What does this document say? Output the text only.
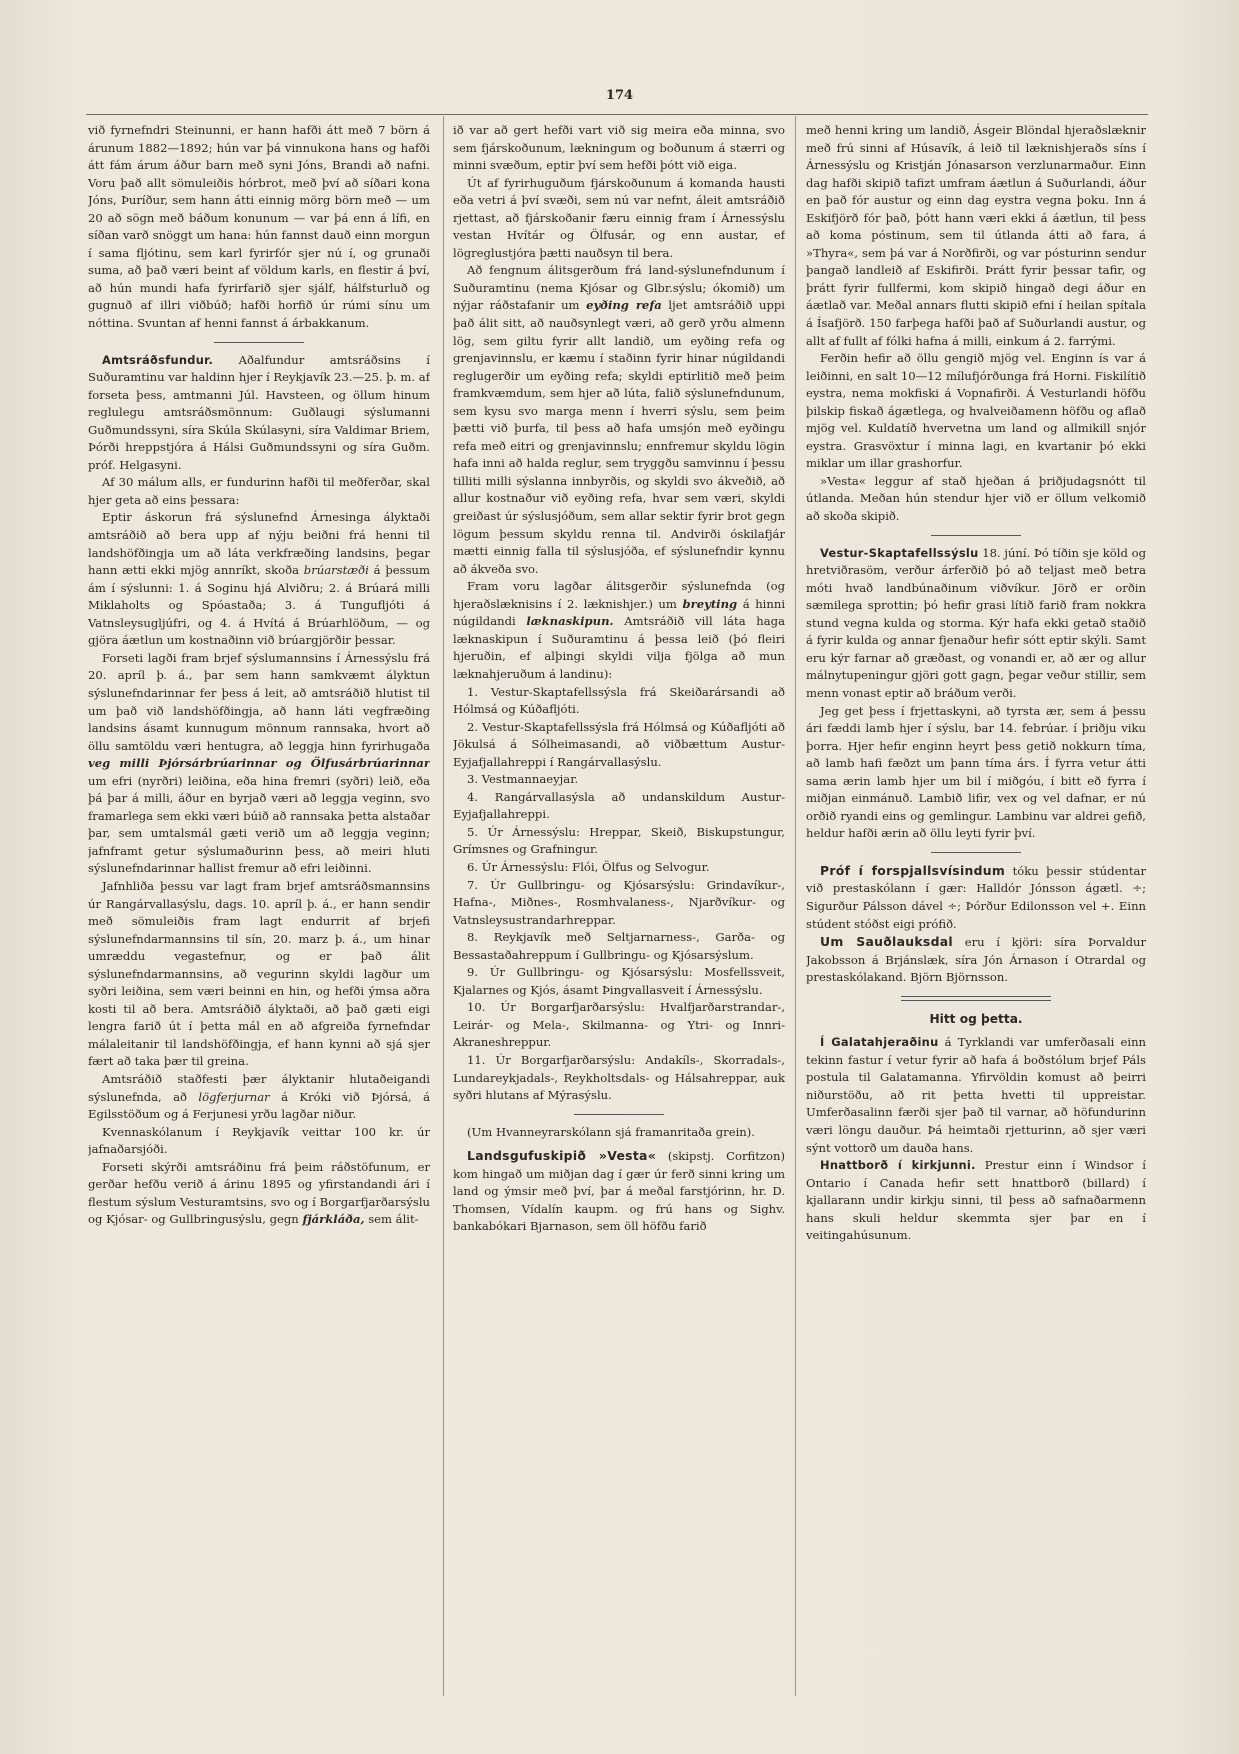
174

við fyrnefndri Steinunni, er hann hafði átt með 7 börn á árunum 1882—1892; hún var þá vinnukona hans og hafði átt fám árum áður barn með syni Jóns, Brandi að nafni. Voru það allt sömuleiðis hórbrot, með því að síðari kona Jóns, Þuríður, sem hann átti einnig mörg börn með — um 20 að sögn með báðum konunum — var þá enn á lífi, en síðan varð snöggt um hana: hún fannst dauð einn morgun í sama fljótinu, sem karl fyrirfór sjer nú í, og grunaði suma, að það væri beint af völdum karls, en flestir á því, að hún mundi hafa fyrirfarið sjer sjálf, hálfsturluð og gugnuð af illri viðbúð; hafði horfið úr rúmi sínu um nóttina. Svuntan af henni fannst á árbakkanum.

Amtsráðsfundur. Aðalfundur amtsráðsins í Suðuramtinu var haldinn hjer í Reykjavík 23.—25. þ. m. af forseta þess, amtmanni Júl. Havsteen, og öllum hinum reglulegu amtsráðsmönnum: Guðlaugi sýslumanni Guðmundssyni, síra Skúla Skúlasyni, síra Valdimar Briem, Þórði hreppstjóra á Hálsi Guðmundssyni og síra Guðm. próf. Helgasyni.

Af 30 málum alls, er fundurinn hafði til meðferðar, skal hjer geta að eins þessara:

Eptir áskorun frá sýslunefnd Árnesinga ályktaði amtsráðið að bera upp af nýju beiðni frá henni til landshöfðingja um að láta verkfræðing landsins, þegar hann ætti ekki mjög annríkt, skoða brúarstæði á þessum ám í sýslunni: 1. á Soginu hjá Alviðru; 2. á Brúará milli Miklaholts og Spóastaða; 3. á Tungufljóti á Vatnsleysugljúfri, og 4. á Hvítá á Brúarhlöðum, — og gjöra áætlun um kostnaðinn við brúargjörðir þessar.

Forseti lagði fram brjef sýslumannsins í Árnessýslu frá 20. apríl þ. á., þar sem hann samkvæmt ályktun sýslunefndarinnar fer þess á leit, að amtsráðið hlutist til um það við landshöfðingja, að hann láti vegfræðing landsins ásamt kunnugum mönnum rannsaka, hvort að öllu samtöldu væri hentugra, að leggja hinn fyrirhugaða veg milli Þjórsárbrúarinnar og Ölfusárbrúarinnar um efri (nyrðri) leiðina, eða hina fremri (syðri) leið, eða þá þar á milli, áður en byrjað væri að leggja veginn, svo framarlega sem ekki væri búið að rannsaka þetta alstaðar þar, sem umtalsmál gæti verið um að leggja veginn; jafnframt getur sýslumaðurinn þess, að meiri hluti sýslunefndarinnar hallist fremur að efri leiðinni.

Jafnhliða þessu var lagt fram brjef amtsráðsmannsins úr Rangárvallasýslu, dags. 10. apríl þ. á., er hann sendir með sömuleiðis fram lagt endurrit af brjefi sýslunefndarmannsins til sín, 20. marz þ. á., um hinar umræddu vegastefnur, og er það álit sýslunefndarmannsins, að vegurinn skyldi lagður um syðri leiðina, sem væri beinni en hin, og hefði ýmsa aðra kosti til að bera. Amtsráðið ályktaði, að það gæti eigi lengra farið út í þetta mál en að afgreiða fyrnefndar málaleitanir til landshöfðingja, ef hann kynni að sjá sjer fært að taka þær til greina.

Amtsráðið staðfesti þær ályktanir hlutaðeigandi sýslunefnda, að lögferjurnar á Króki við Þjórsá, á Egilsstöðum og á Ferjunesi yrðu lagðar niður.

Kvennaskólanum í Reykjavík veittar 100 kr. úr jafnaðarsjóði.

Forseti skýrði amtsráðinu frá þeim ráðstöfunum, er gerðar hefðu verið á árinu 1895 og yfirstandandi ári í flestum sýslum Vesturamtsins, svo og í Borgarfjarðarsýslu og Kjósar- og Gullbringusýslu, gegn fjárkláða, sem álit-

ið var að gert hefði vart við sig meira eða minna, svo sem fjárskoðunum, lækningum og boðunum á stærri og minni svæðum, eptir því sem hefði þótt við eiga.

Út af fyrirhuguðum fjárskoðunum á komanda hausti eða vetri á því svæði, sem nú var nefnt, áleit amtsráðið rjettast, að fjárskoðanir færu einnig fram í Árnessýslu vestan Hvítár og Ölfusár, og enn austar, ef lögreglustjóra þætti nauðsyn til bera.

Að fengnum álitsgerðum frá land-sýslunefndunum í Suðuramtinu (nema Kjósar og Glbr.sýslu; ókomið) um nýjar ráðstafanir um eyðing refa ljet amtsráðið uppi það álit sitt, að nauðsynlegt væri, að gerð yrðu almenn lög, sem giltu fyrir allt landið, um eyðing refa og grenjavinnslu, er kæmu í staðinn fyrir hinar núgildandi reglugerðir um eyðing refa; skyldi eptirlitið með þeim framkvæmdum, sem hjer að lúta, falið sýslunefndunum, sem kysu svo marga menn í hverri sýslu, sem þeim þætti við þurfa, til þess að hafa umsjón með eyðingu refa með eitri og grenjavinnslu; ennfremur skyldu lögin hafa inni að halda reglur, sem tryggðu samvinnu í þessu tilliti milli sýslanna innbyrðis, og skyldi svo ákveðið, að allur kostnaður við eyðing refa, hvar sem væri, skyldi greiðast úr sýslusjóðum, sem allar sektir fyrir brot gegn lögum þessum skyldu renna til. Andvirði óskilafjár mætti einnig falla til sýslusjóða, ef sýslunefndir kynnu að ákveða svo.

Fram voru lagðar álitsgerðir sýslunefnda (og hjeraðslæknisins í 2. læknishjer.) um breyting á hinni núgildandi læknaskipun. Amtsráðið vill láta haga læknaskipun í Suðuramtinu á þessa leið (þó fleiri hjeruðin, ef alþingi skyldi vilja fjölga að mun læknahjeruðum á landinu):

1. Vestur-Skaptafellssýsla frá Skeiðarársandi að Hólmsá og Kúðafljóti.

2. Vestur-Skaptafellssýsla frá Hólmsá og Kúðafljóti að Jökulsá á Sólheimasandi, að viðbættum Austur-Eyjafjallahreppi í Rangárvallasýslu.

3. Vestmannaeyjar.

4. Rangárvallasýsla að undanskildum Austur-Eyjafjallahreppi.

5. Úr Árnessýslu: Hreppar, Skeið, Biskupstungur, Grímsnes og Grafningur.

6. Úr Árnessýslu: Flói, Ölfus og Selvogur.

7. Úr Gullbringu- og Kjósarsýslu: Grindavíkur-, Hafna-, Miðnes-, Rosmhvalaness-, Njarðvíkur- og Vatnsleysustrandarhreppar.

8. Reykjavík með Seltjarnarness-, Garða- og Bessastaðahreppum í Gullbringu- og Kjósarsýslum.

9. Úr Gullbringu- og Kjósarsýslu: Mosfellssveit, Kjalarnes og Kjós, ásamt Þingvallasveit í Árnessýslu.

10. Úr Borgarfjarðarsýslu: Hvalfjarðarstrandar-, Leirár- og Mela-, Skilmanna- og Ytri- og Innri- Akraneshreppur.

11. Úr Borgarfjarðarsýslu: Andakíls-, Skorradals-, Lundareykjadals-, Reykholtsdals- og Hálsahreppar, auk syðri hlutans af Mýrasýslu.

(Um Hvanneyrarskólann sjá framanritaða grein).

Landsgufuskipið »Vesta« (skipstj. Corfitzon) kom hingað um miðjan dag í gær úr ferð sinni kring um land og ýmsir með því, þar á meðal farstjórinn, hr. D. Thomsen, Vídalín kaupm. og frú hans og Sighv. bankabókari Bjarnason, sem öll höfðu farið

með henni kring um landið, Ásgeir Blöndal hjeraðslæknir með frú sinni af Húsavík, á leið til læknishjeraðs síns í Árnessýslu og Kristján Jónasarson verzlunarmaður. Einn dag hafði skipið tafizt umfram áætlun á Suðurlandi, áður en það fór austur og einn dag eystra vegna þoku. Inn á Eskifjörð fór það, þótt hann væri ekki á áætlun, til þess að koma póstinum, sem til útlanda átti að fara, á »Thyra«, sem þá var á Norðfirði, og var pósturinn sendur þangað landleið af Eskifirði. Þrátt fyrir þessar tafir, og þrátt fyrir fullfermi, kom skipið hingað degi áður en áætlað var. Meðal annars flutti skipið efni í heilan spítala á Ísafjörð. 150 farþega hafði það af Suðurlandi austur, og allt af fullt af fólki hafna á milli, einkum á 2. farrými.

Ferðin hefir að öllu gengið mjög vel. Enginn ís var á leiðinni, en salt 10—12 mílufjórðunga frá Horni. Fiskilítið eystra, nema mokfiski á Vopnafirði. Á Vesturlandi höfðu þilskip fiskað ágætlega, og hvalveiðamenn höfðu og aflað mjög vel. Kuldatíð hvervetna um land og allmikill snjór eystra. Grasvöxtur í minna lagi, en kvartanir þó ekki miklar um illar grashorfur.

»Vesta« leggur af stað hjeðan á þriðjudagsnótt til útlanda. Meðan hún stendur hjer við er öllum velkomið að skoða skipið.

Vestur-Skaptafellssýslu 18. júní. Þó tíðin sje köld og hretviðrasöm, verður árferðið þó að teljast með betra móti hvað landbúnaðinum viðvíkur. Jörð er orðin sæmilega sprottin; þó hefir grasi lítið farið fram nokkra stund vegna kulda og storma. Kýr hafa ekki getað staðið á fyrir kulda og annar fjenaður hefir sótt eptir skýli. Samt eru kýr farnar að græðast, og vonandi er, að ær og allur málnytupeningur gjöri gott gagn, þegar veður stillir, sem menn vonast eptir að bráðum verði.

Jeg get þess í frjettaskyni, að tyrsta ær, sem á þessu ári fæddi lamb hjer í sýslu, bar 14. febrúar. í þriðju viku þorra. Hjer hefir enginn heyrt þess getið nokkurn tíma, að lamb hafi fæðzt um þann tíma árs. Í fyrra vetur átti sama ærin lamb hjer um bil í miðgóu, í bitt eð fyrra í miðjan einmánuð. Lambið lifir, vex og vel dafnar, er nú orðið ryandi eins og gemlingur. Lambinu var aldrei gefið, heldur hafði ærin að öllu leyti fyrir því.

Próf í forspjallsvísindum tóku þessir stúdentar við prestaskólann í gær: Halldór Jónsson ágætl. ÷; Sigurður Pálsson dável ÷; Þórður Edilonsson vel +. Einn stúdent stóðst eigi prófið.

Um Sauðlauksdal eru í kjöri: síra Þorvaldur Jakobsson á Brjánslæk, síra Jón Árnason í Otrardal og prestaskólakand. Björn Björnsson.

Hitt og þetta.

Í Galatahjeraðinu á Tyrklandi var umferðasali einn tekinn fastur í vetur fyrir að hafa á boðstólum brjef Páls postula til Galatamanna. Yfirvöldin komust að þeirri niðurstöðu, að rit þetta hvetti til uppreistar. Umferðasalinn færði sjer það til varnar, að höfundurinn væri löngu dauður. Þá heimtaði rjetturinn, að sjer væri sýnt vottorð um dauða hans.

Hnattborð í kirkjunni. Prestur einn í Windsor í Ontario í Canada hefir sett hnattborð (billard) í kjallarann undir kirkju sinni, til þess að safnaðarmenn hans skuli heldur skemmta sjer þar en í veitingahúsunum.
